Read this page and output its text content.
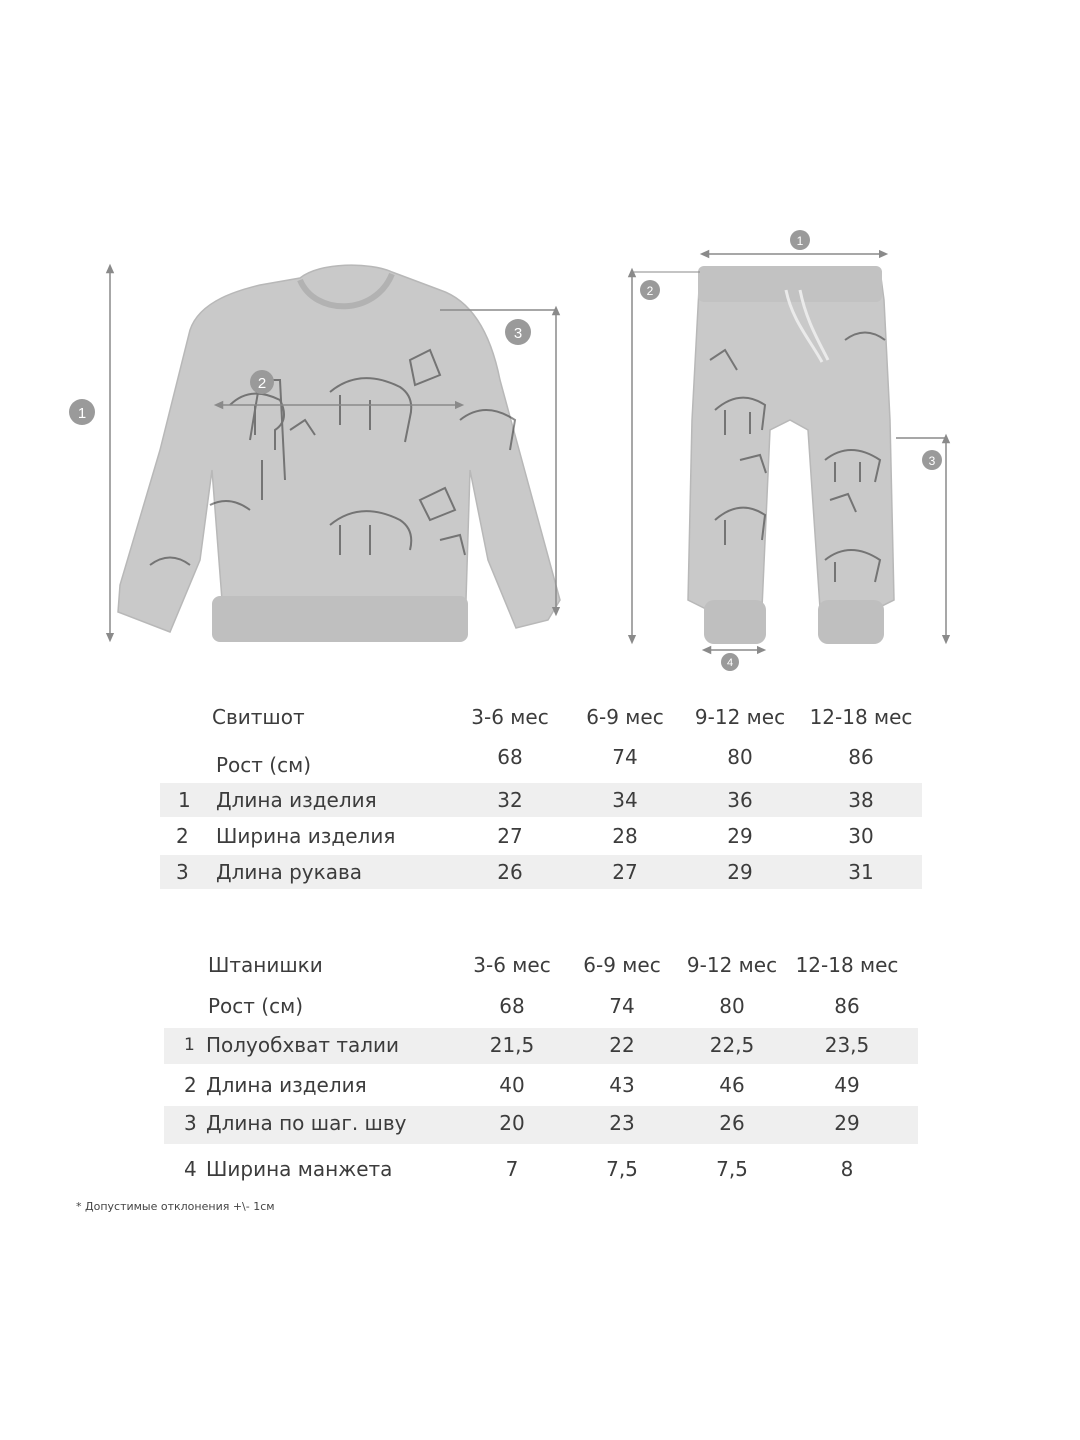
1
2
3
1
2
3
4
Свитшот	3-6 мес	6-9 мес	9-12 мес 12-18 мес
Рост (см)	68	74	80	86
1 Длина изделия	32	34	36	38
2 Ширина изделия	27	28	29	30
3 Длина рукава	26	27	29	31
Штанишки	3-6 мес	6-9 мес	9-12 мес 12-18 мес
Рост (см)	68	74	80	86
1 Полуобхват талии	21,5	22	22,5	23,5
2 Длина изделия	40	43	46	49
3 Длина по шаг. шву	20	23	26	29
4 Ширина манжета	7	7,5	7,5	8
* Допустимые отклонения +\- 1см
